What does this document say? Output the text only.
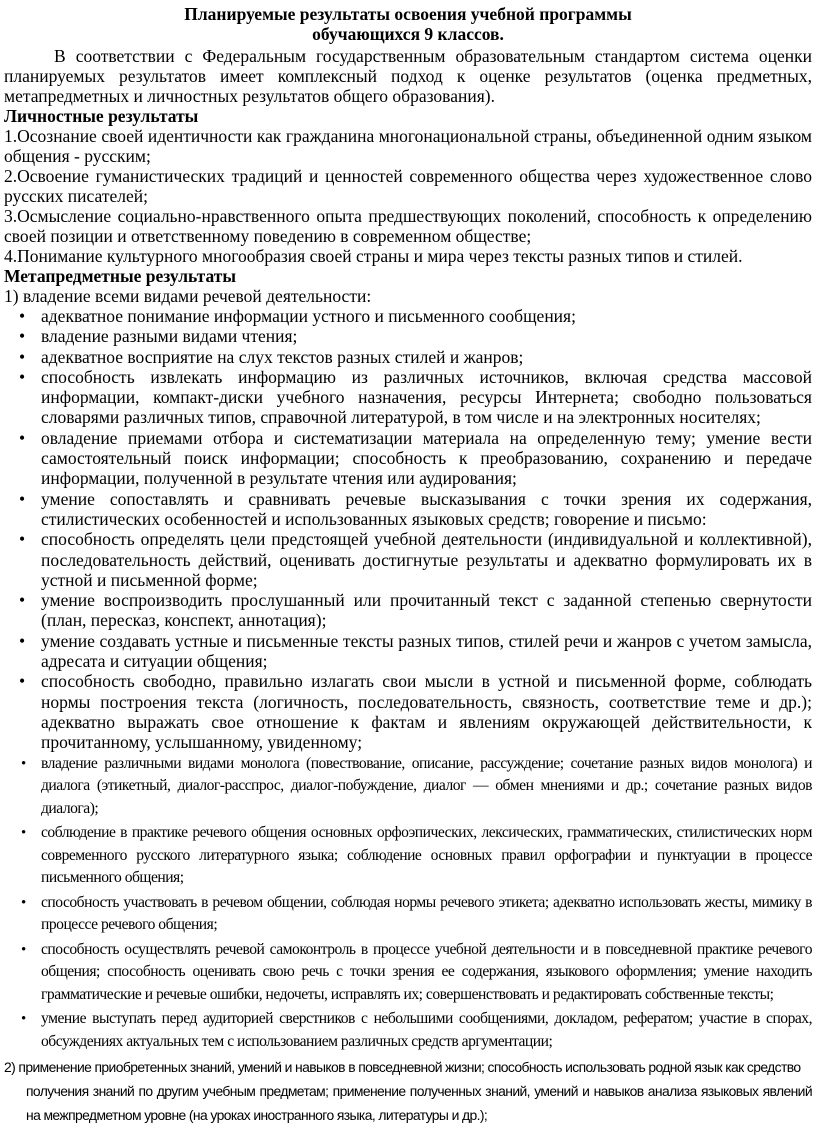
Планируемые результаты освоения учебной программы

обучающихся 9 классов.

В соответствии с Федеральным государственным образовательным стандартом система оценки планируемых результатов имеет комплексный подход к оценке результатов (оценка предметных, метапредметных и личностных результатов общего образования).

Личностные результаты

1.Осознание своей идентичности как гражданина многонациональной страны, объединенной одним языком общения - русским;

2.Освоение гуманистических традиций и ценностей современного общества через художественное слово русских писателей;

3.Осмысление социально-нравственного опыта предшествующих поколений, способность к определению своей позиции и ответственному поведению в современном обществе;

4.Понимание культурного многообразия своей страны и мира через тексты разных типов и стилей.

Метапредметные результаты

1) владение всеми видами речевой деятельности:

• адекватное понимание информации устного и письменного сообщения;
• владение разными видами чтения;
• адекватное восприятие на слух текстов разных стилей и жанров;
• способность извлекать информацию из различных источников, включая средства массовой информации, компакт-диски учебного назначения, ресурсы Интернета; свободно пользоваться словарями различных типов, справочной литературой, в том числе и на электронных носителях;
• овладение приемами отбора и систематизации материала на определенную тему; умение вести самостоятельный поиск информации; способность к преобразованию, сохранению и передаче информации, полученной в результате чтения или аудирования;
• умение сопоставлять и сравнивать речевые высказывания с точки зрения их содержания, стилистических особенностей и использованных языковых средств; говорение и письмо:
• способность определять цели предстоящей учебной деятельности (индивидуальной и коллективной), последовательность действий, оценивать достигнутые результаты и адекватно формулировать их в устной и письменной форме;
• умение воспроизводить прослушанный или прочитанный текст с заданной степенью свернутости (план, пересказ, конспект, аннотация);
• умение создавать устные и письменные тексты разных типов, стилей речи и жанров с учетом замысла, адресата и ситуации общения;
• способность свободно, правильно излагать свои мысли в устной и письменной форме, соблюдать нормы построения текста (логичность, последовательность, связность, соответствие теме и др.); адекватно выражать свое отношение к фактам и явлениям окружающей действительности, к прочитанному, услышанному, увиденному;
• владение различными видами монолога (повествование, описание, рассуждение; сочетание разных видов монолога) и диалога (этикетный, диалог-расспрос, диалог-побуждение, диалог — обмен мнениями и др.; сочетание разных видов диалога);
• соблюдение в практике речевого общения основных орфоэпических, лексических, грамматических, стилистических норм современного русского литературного языка; соблюдение основных правил орфографии и пунктуации в процессе письменного общения;
• способность участвовать в речевом общении, соблюдая нормы речевого этикета; адекватно использовать жесты, мимику в процессе речевого общения;
• способность осуществлять речевой самоконтроль в процессе учебной деятельности и в повседневной практике речевого общения; способность оценивать свою речь с точки зрения ее содержания, языкового оформления; умение находить грамматические и речевые ошибки, недочеты, исправлять их; совершенствовать и редактировать собственные тексты;
• умение выступать перед аудиторией сверстников с небольшими сообщениями, докладом, рефератом; участие в спорах, обсуждениях актуальных тем с использованием различных средств аргументации;

2) применение приобретенных знаний, умений и навыков в повседневной жизни; способность использовать родной язык как средство

получения знаний по другим учебным предметам; применение полученных знаний, умений и навыков анализа языковых явлений на межпредметном уровне (на уроках иностранного языка, литературы и др.);
